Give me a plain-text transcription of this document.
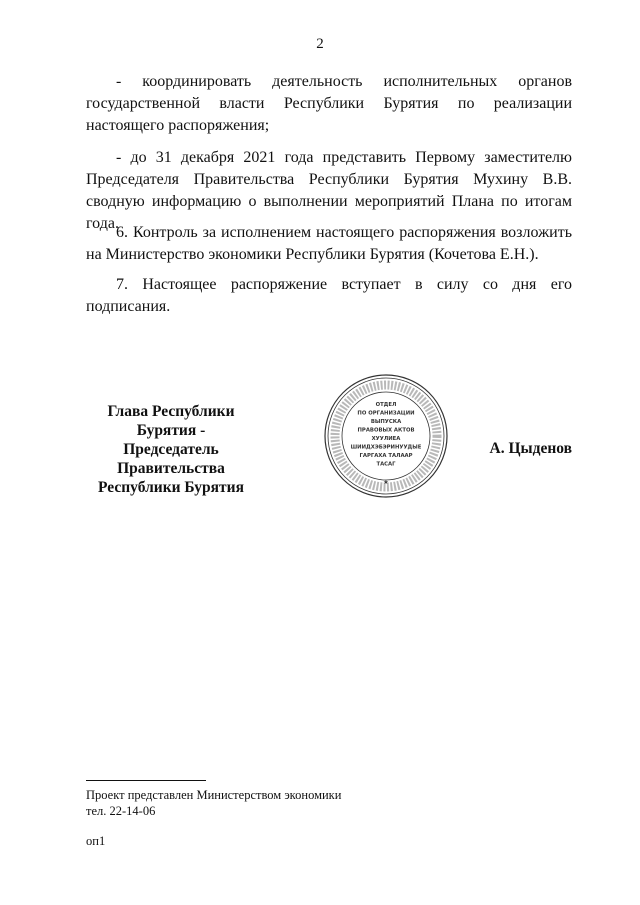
2

- координировать деятельность исполнительных органов государственной власти Республики Бурятия по реализации настоящего распоряжения;

- до 31 декабря 2021 года представить Первому заместителю Председателя Правительства Республики Бурятия Мухину В.В. сводную информацию о выполнении мероприятий Плана по итогам года.

6. Контроль за исполнением настоящего распоряжения возложить на Министерство экономики Республики Бурятия (Кочетова Е.Н.).

7. Настоящее распоряжение вступает в силу со дня его подписания.

Глава Республики Бурятия -
Председатель Правительства
Республики Бурятия
ОТДЕЛ
ПО ОРГАНИЗАЦИИ
ВЫПУСКА
ПРАВОВЫХ АКТОВ
ХУУЛИЕА
ШИИДХЭБЭРИНУУДЫЕ
ГАРГАХА ТАЛААР
ТАСАГ
★
А. Цыденов
Проект представлен Министерством экономики
тел. 22-14-06
оп1
